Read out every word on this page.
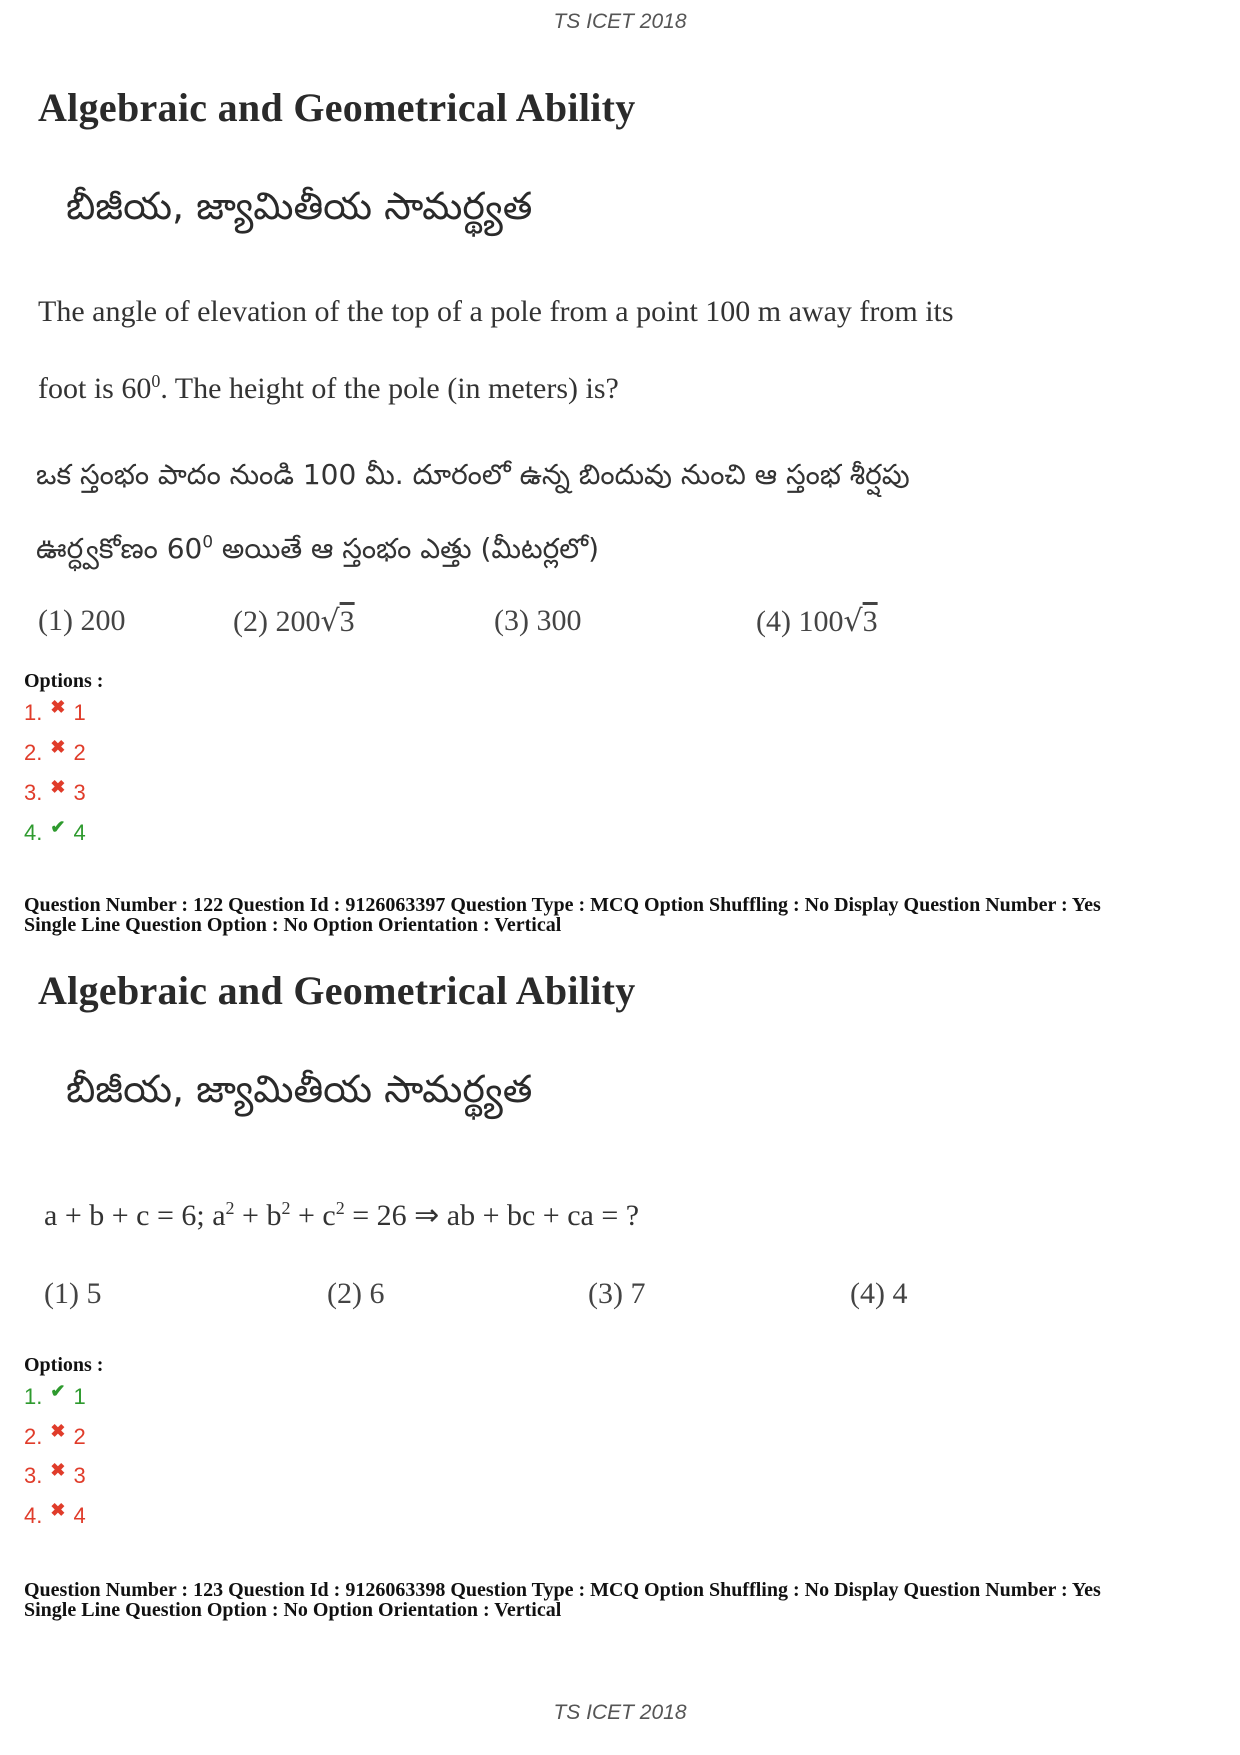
TS ICET 2018
Algebraic and Geometrical Ability
బీజీయ, జ్యామితీయ సామర్థ్యత
The angle of elevation of the top of a pole from a point 100 m away from its
foot is $60^0$. The height of the pole (in meters) is?
ఒక స్తంభం పాదం నుండి 100 మీ. దూరంలో ఉన్న బిందువు నుంచి ఆ స్తంభ శీర్షపు
ఊర్ధ్వకోణం $60^0$ అయితే ఆ స్తంభం ఎత్తు (మీటర్లలో)
(1) 200	(2) 200√3	(3) 300	(4) 100√3
Options :
1. ✖ 1
2. ✖ 2
3. ✖ 3
4. ✔ 4
Question Number : 122 Question Id : 9126063397 Question Type : MCQ Option Shuffling : No Display Question Number : Yes
Single Line Question Option : No Option Orientation : Vertical
Algebraic and Geometrical Ability
బీజీయ, జ్యామితీయ సామర్థ్యత
a + b + c = 6; $a^2 + b^2 + c^2 = 26$ ⇒ ab + bc + ca = ?
(1) 5	(2) 6	(3) 7	(4) 4
Options :
1. ✔ 1
2. ✖ 2
3. ✖ 3
4. ✖ 4
Question Number : 123 Question Id : 9126063398 Question Type : MCQ Option Shuffling : No Display Question Number : Yes
Single Line Question Option : No Option Orientation : Vertical
TS ICET 2018
